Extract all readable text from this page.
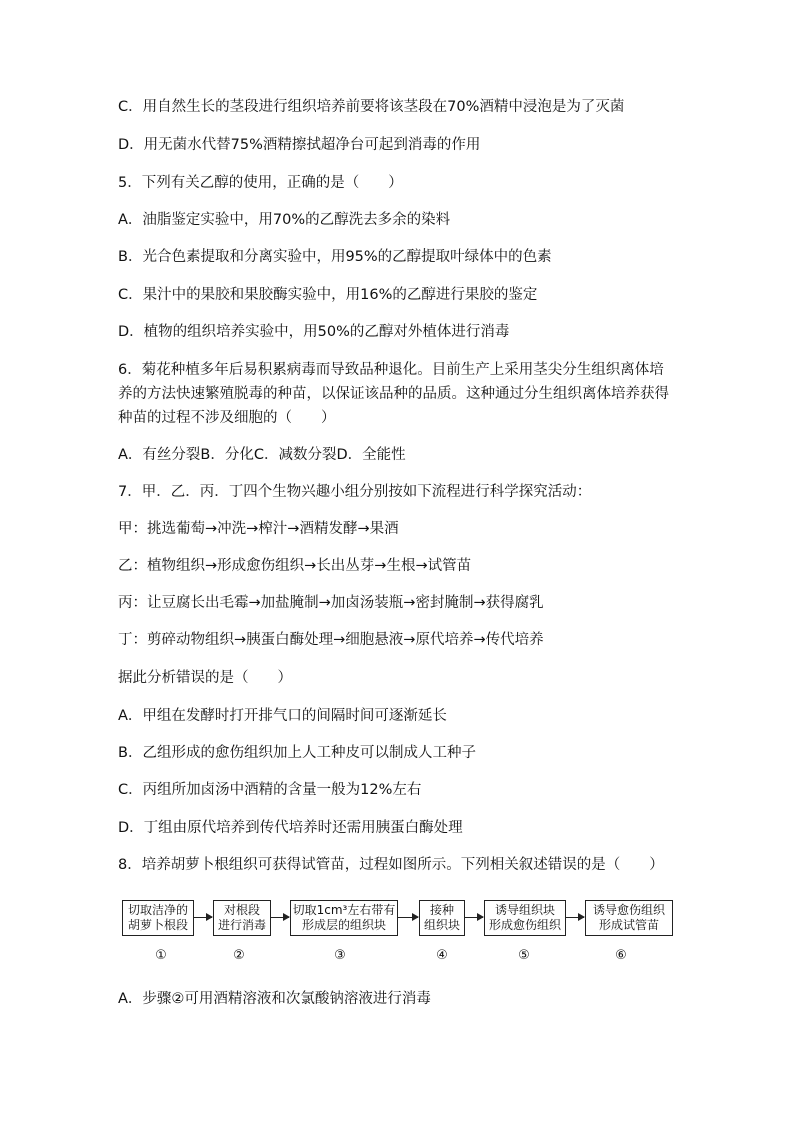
C．用自然生长的茎段进行组织培养前要将该茎段在70%酒精中浸泡是为了灭菌
D．用无菌水代替75%酒精擦拭超净台可起到消毒的作用
5．下列有关乙醇的使用，正确的是（　　）
A．油脂鉴定实验中，用70%的乙醇洗去多余的染料
B．光合色素提取和分离实验中，用95%的乙醇提取叶绿体中的色素
C．果汁中的果胶和果胶酶实验中，用16%的乙醇进行果胶的鉴定
D．植物的组织培养实验中，用50%的乙醇对外植体进行消毒
6．菊花种植多年后易积累病毒而导致品种退化。目前生产上采用茎尖分生组织离体培
养的方法快速繁殖脱毒的种苗，以保证该品种的品质。这种通过分生组织离体培养获得
种苗的过程不涉及细胞的（　　）
A．有丝分裂B．分化C．减数分裂D．全能性
7．甲．乙．丙．丁四个生物兴趣小组分别按如下流程进行科学探究活动：
甲：挑选葡萄→冲洗→榨汁→酒精发酵→果酒
乙：植物组织→形成愈伤组织→长出丛芽→生根→试管苗
丙：让豆腐长出毛霉→加盐腌制→加卤汤装瓶→密封腌制→获得腐乳
丁：剪碎动物组织→胰蛋白酶处理→细胞悬液→原代培养→传代培养
据此分析错误的是（　　）
A．甲组在发酵时打开排气口的间隔时间可逐渐延长
B．乙组形成的愈伤组织加上人工种皮可以制成人工种子
C．丙组所加卤汤中酒精的含量一般为12%左右
D．丁组由原代培养到传代培养时还需用胰蛋白酶处理
8．培养胡萝卜根组织可获得试管苗，过程如图所示。下列相关叙述错误的是（　　）
切取洁净的
胡萝卜根段
对根段
进行消毒
切取1cm³左右带有
形成层的组织块
接种
组织块
诱导组织块
形成愈伤组织
诱导愈伤组织
形成试管苗
①	②	③	④	⑤	⑥
A．步骤②可用酒精溶液和次氯酸钠溶液进行消毒
